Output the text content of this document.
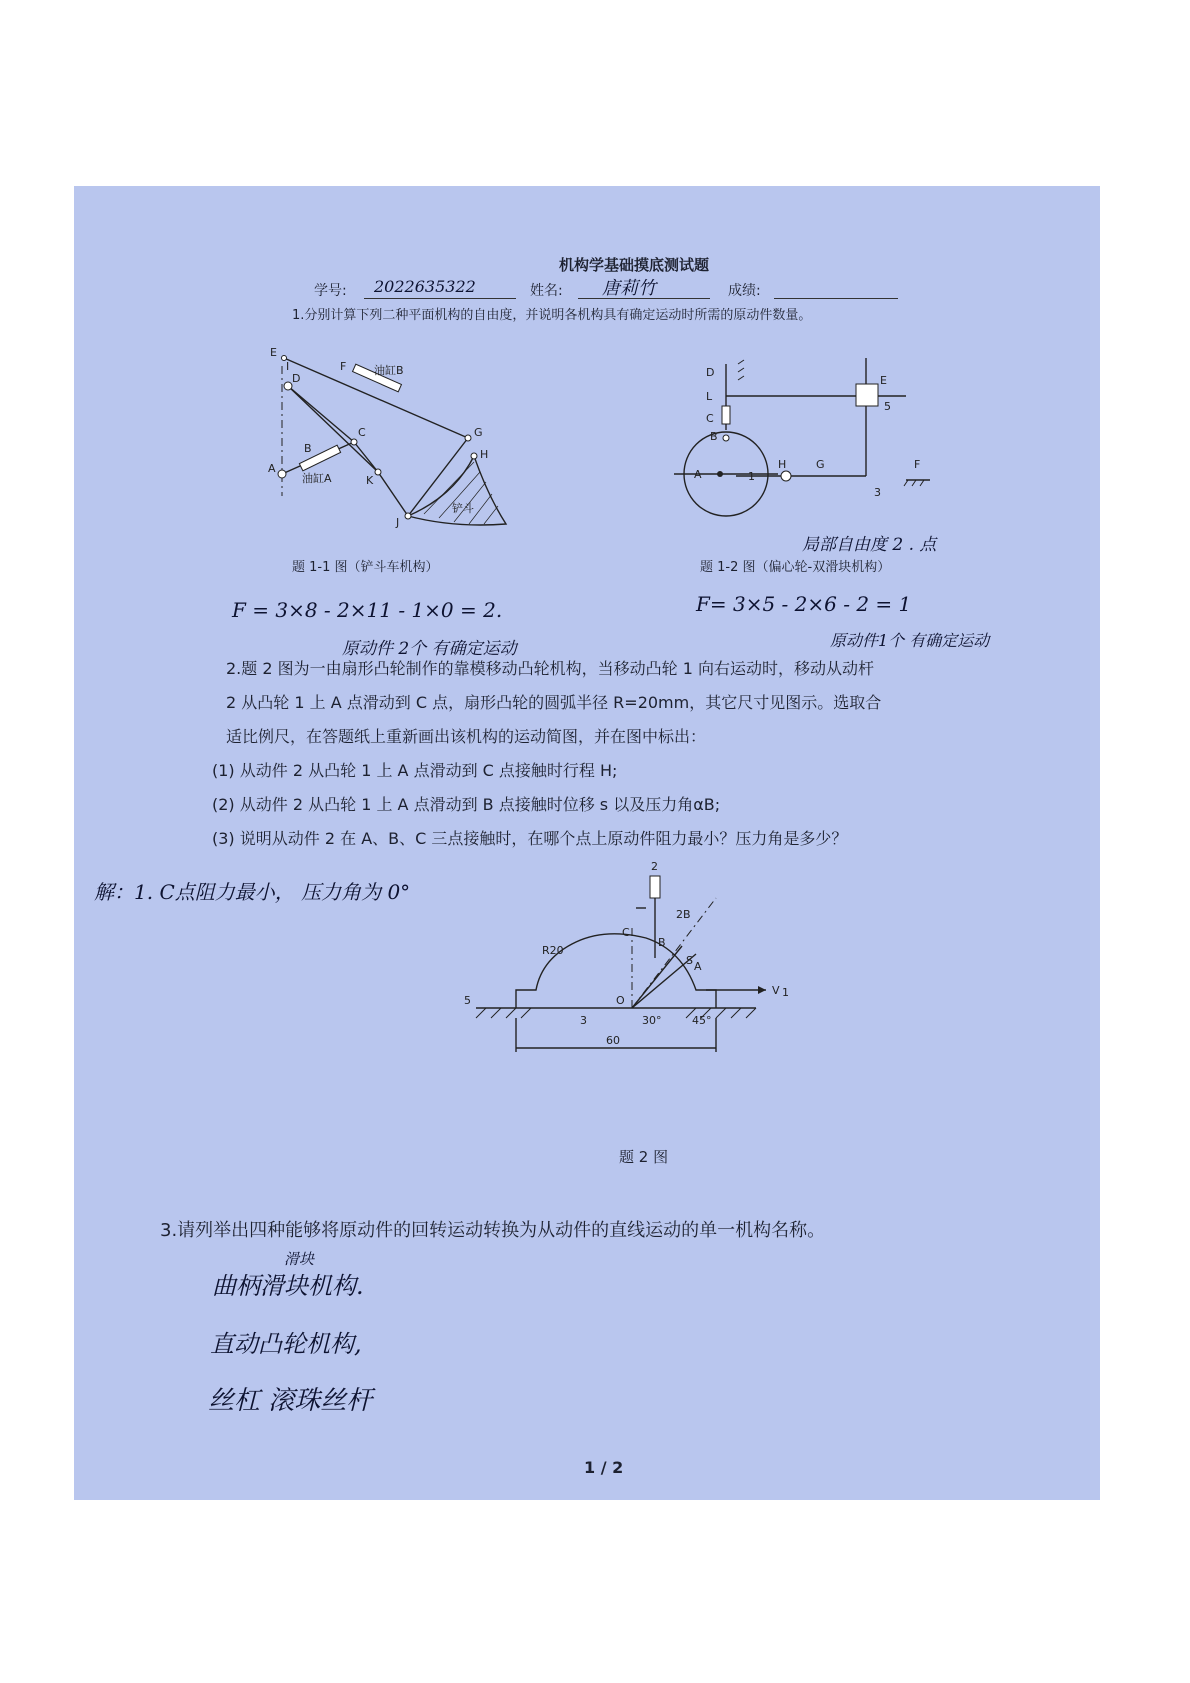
机构学基础摸底测试题
学号: 2022635322	姓名: 唐莉竹	成绩:
1.分别计算下列二种平面机构的自由度，并说明各机构具有确定运动时所需的原动件数量。
E
D
I	F	油缸B
G
C
B
A
油缸A	K
H
J
铲斗
题 1-1 图（铲斗车机构）
D
L
C
B
A	1
H	G	F
E
5
3
局部自由度 2 . 点
题 1-2 图（偏心轮-双滑块机构）
F = 3×8 - 2×11 - 1×0 = 2.
原动件 2个 有确定运动
F= 3×5 - 2×6 - 2 = 1
原动件1个 有确定运动
2.题 2 图为一由扇形凸轮制作的靠模移动凸轮机构，当移动凸轮 1 向右运动时，移动从动杆
2 从凸轮 1 上 A 点滑动到 C 点，扇形凸轮的圆弧半径 R=20mm，其它尺寸见图示。选取合
适比例尺，在答题纸上重新画出该机构的运动简图，并在图中标出：
(1) 从动件 2 从凸轮 1 上 A 点滑动到 C 点接触时行程 H;
(2) 从动件 2 从凸轮 1 上 A 点滑动到 B 点接触时位移 s 以及压力角αB;
(3) 说明从动件 2 在 A、B、C 三点接触时，在哪个点上原动件阻力最小？压力角是多少？
解：1. C点阻力最小， 压力角为 0°
2
2B
C
B
R20
S A
O
V 1
5
3	30°	45°
60
题 2 图
3.请列举出四种能够将原动件的回转运动转换为从动件的直线运动的单一机构名称。
滑块
曲柄滑块机构.
直动凸轮机构,
丝杠 滚珠丝杆
1 / 2
